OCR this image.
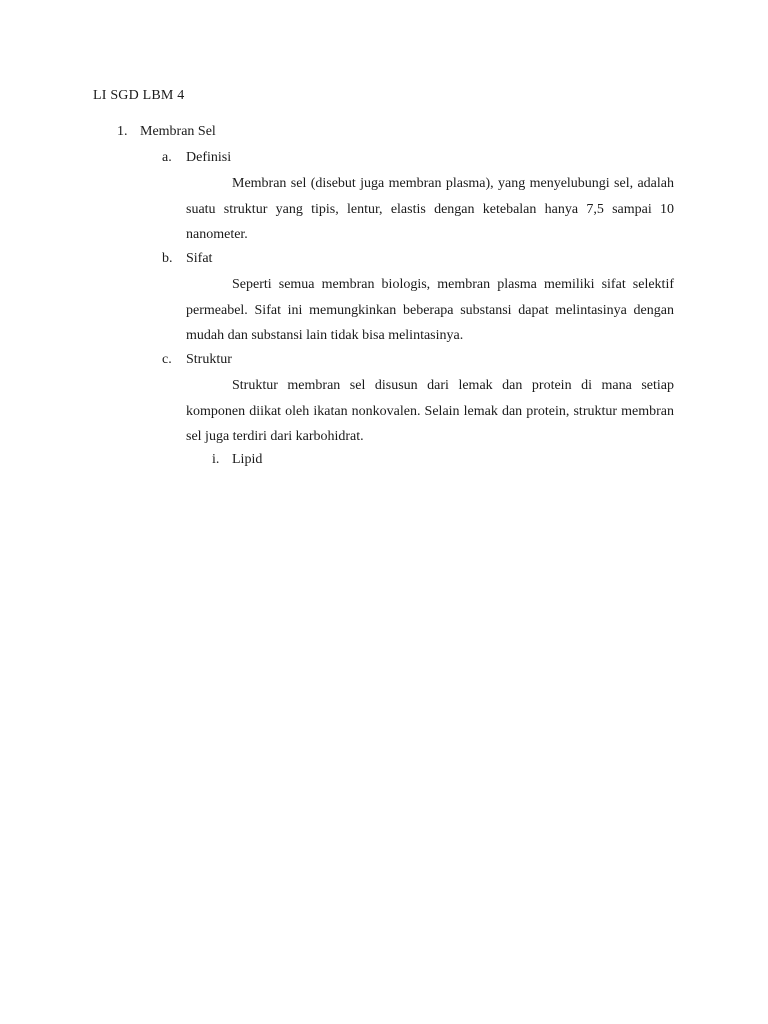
LI SGD LBM 4
1. Membran Sel
a. Definisi

Membran sel (disebut juga membran plasma), yang menyelubungi sel, adalah suatu struktur yang tipis, lentur, elastis dengan ketebalan hanya 7,5 sampai 10 nanometer.

b. Sifat

Seperti semua membran biologis, membran plasma memiliki sifat selektif permeabel. Sifat ini memungkinkan beberapa substansi dapat melintasinya dengan mudah dan substansi lain tidak bisa melintasinya.

c. Struktur

Struktur membran sel disusun dari lemak dan protein di mana setiap komponen diikat oleh ikatan nonkovalen. Selain lemak dan protein, struktur membran sel juga terdiri dari karbohidrat.

i. Lipid
